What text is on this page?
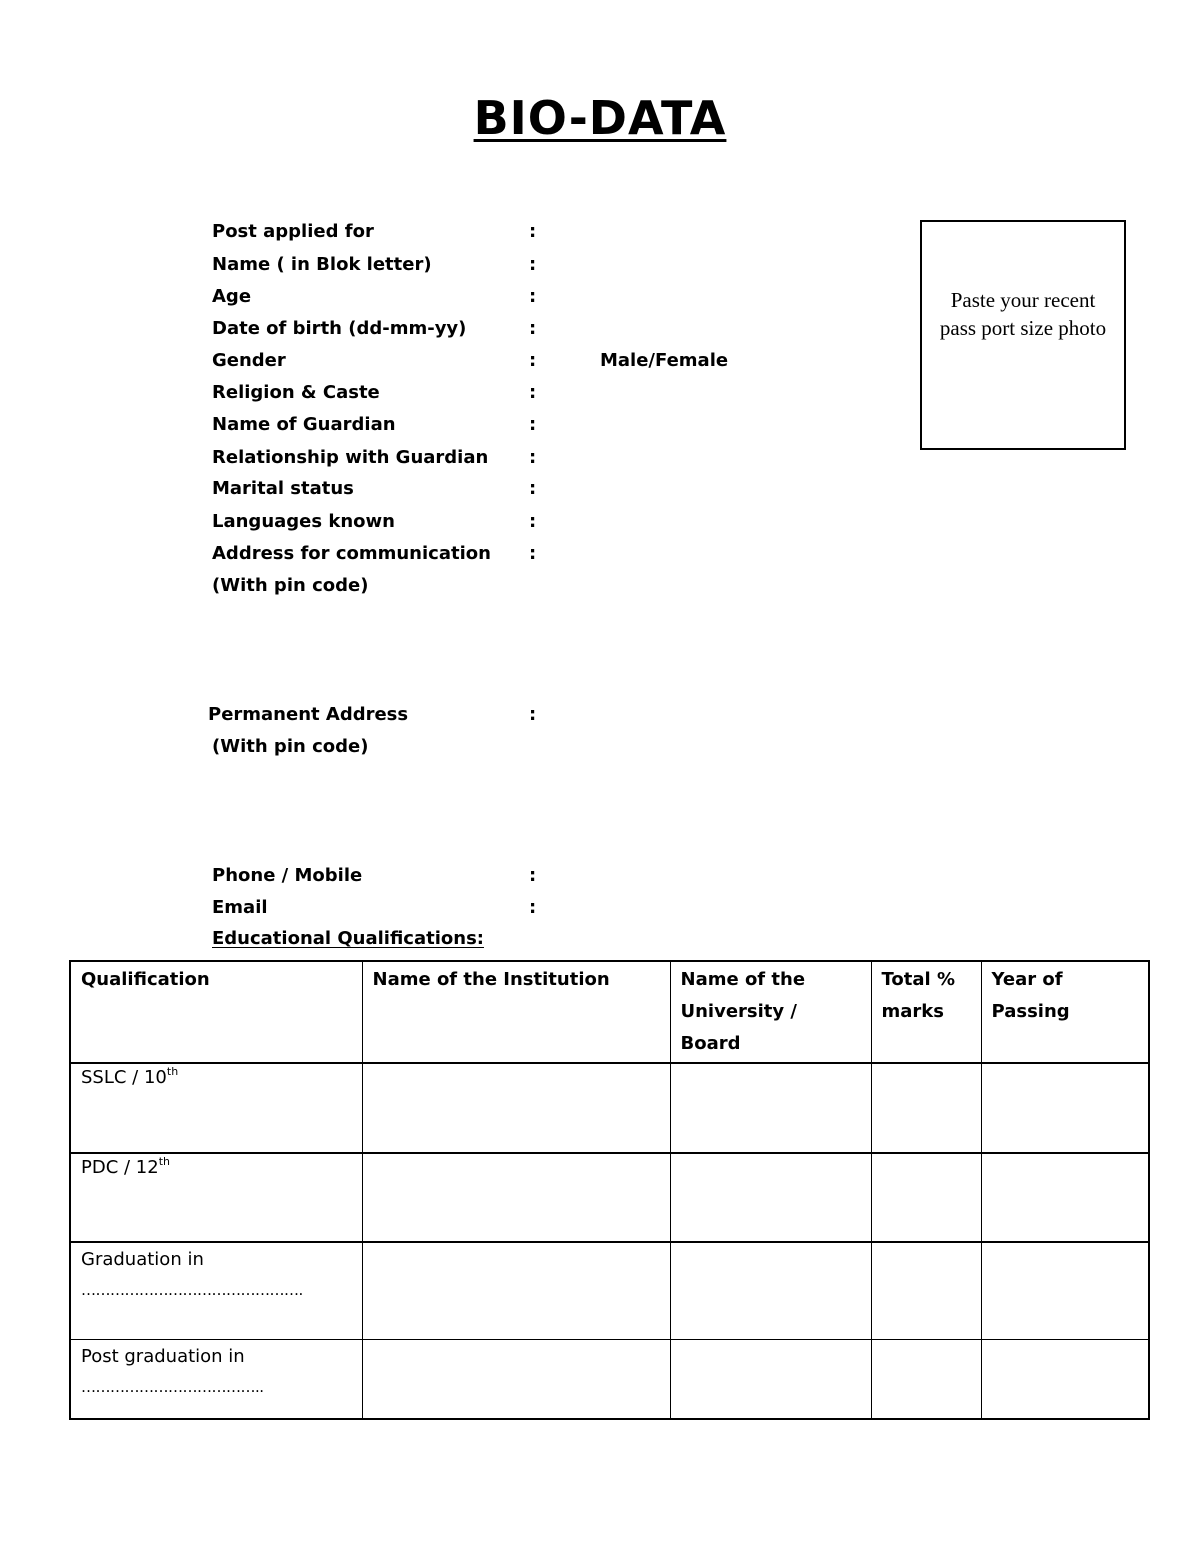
BIO-DATA
Post applied for	:
Name ( in Blok letter)	:
Age	:
Date of birth (dd-mm-yy)	:
Gender	:	Male/Female
Religion & Caste	:
Name of Guardian	:
Relationship with Guardian :
Marital status	:
Languages known	:
Address for communication :
(With pin code)
Permanent Address	:
(With pin code)
Phone / Mobile	:
Email	:
Educational Qualifications:
Paste your recent pass port size photo
Qualification	Name of the Institution	Name of the University / Board	Total % marks	Year of Passing
SSLC / 10th				
PDC / 12th				

Graduation in
……………………………………….				

Post graduation in
………………………………..				
